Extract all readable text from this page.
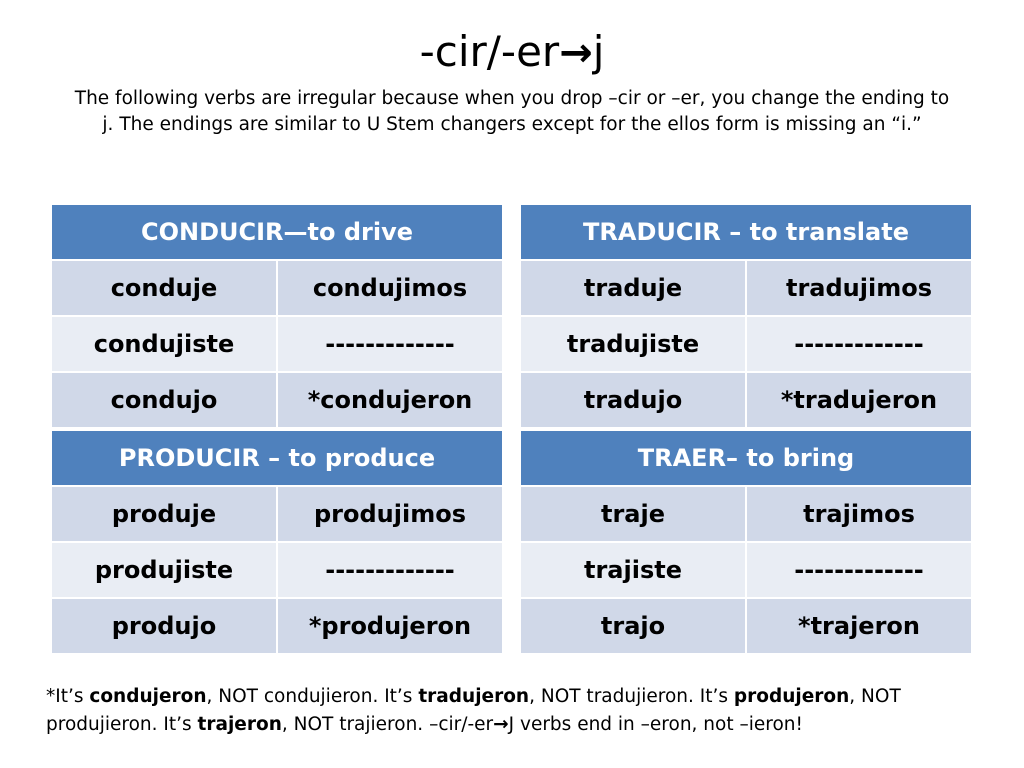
-cir/-er→j
The following verbs are irregular because when you drop –cir or –er, you change the ending to j. The endings are similar to U Stem changers except for the ellos form is missing an “i.”
CONDUCIR—to drive	
conduje	condujimos
condujiste	-------------
condujo	*condujeron
TRADUCIR – to translate	
traduje	tradujimos
tradujiste	-------------
tradujo	*tradujeron
PRODUCIR – to produce	
produje	produjimos
produjiste	-------------
produjo	*produjeron
TRAER– to bring	
traje	trajimos
trajiste	-------------
trajo	*trajeron
*It’s condujeron, NOT condujieron. It’s tradujeron, NOT tradujieron. It’s produjeron, NOT produjieron. It’s trajeron, NOT trajieron. –cir/-er→J verbs end in –eron, not –ieron!
